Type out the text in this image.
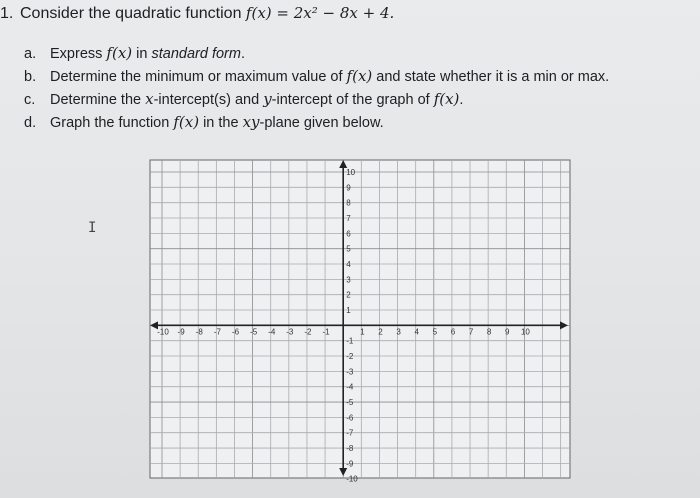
1. Consider the quadratic function f(x) = 2x² − 8x + 4.
a. Express f(x) in standard form.
b. Determine the minimum or maximum value of f(x) and state whether it is a min or max.
c. Determine the x-intercept(s) and y-intercept of the graph of f(x).
d. Graph the function f(x) in the xy-plane given below.
I
-10 -9 -8 -7 -6 -5 -4 -3 -2 -1	1 2 3 4 5 6 7 8 9 10
10
9
8
7
6
5
4
3
2
1
-1
-2
-3
-4
-5
-6
-7
-8
-9
-10
